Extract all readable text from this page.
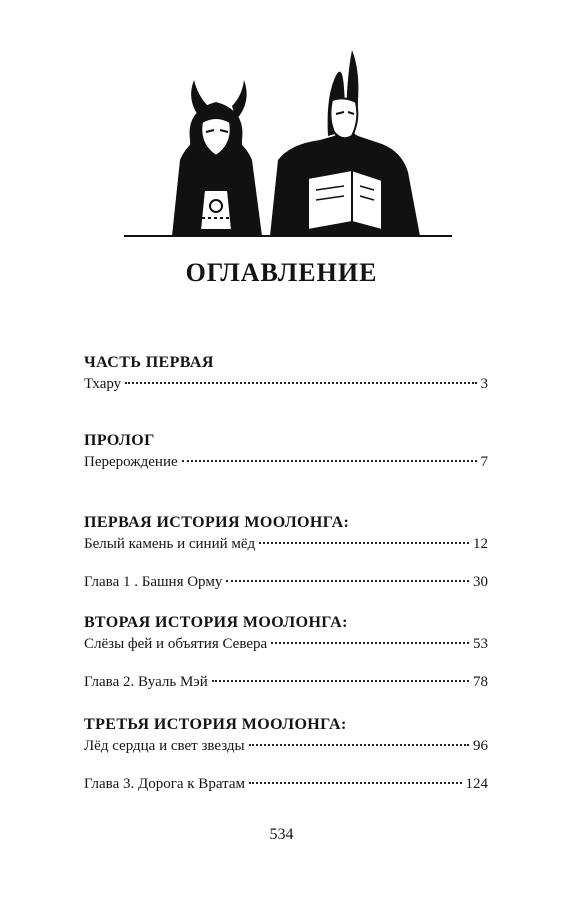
ОГЛАВЛЕНИЕ
ЧАСТЬ ПЕРВАЯ
Тхару	3
ПРОЛОГ
Перерождение	7
ПЕРВАЯ ИСТОРИЯ МООЛОНГА:
Белый камень и синий мёд	12
Глава 1 . Башня Орму	30
ВТОРАЯ ИСТОРИЯ МООЛОНГА:
Слёзы фей и объятия Севера	53
Глава 2. Вуаль Мэй	78
ТРЕТЬЯ ИСТОРИЯ МООЛОНГА:
Лёд сердца и свет звезды	96
Глава 3. Дорога к Вратам	124
534
